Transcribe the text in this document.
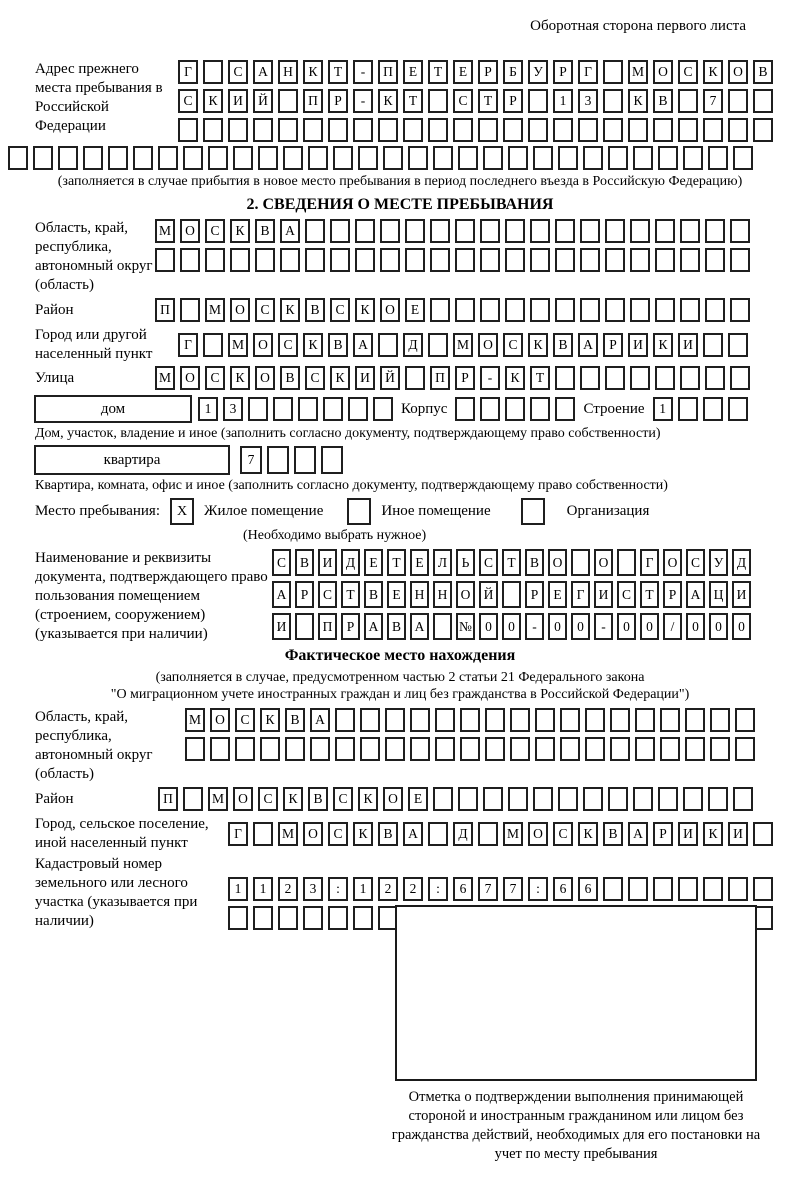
Оборотная сторона первого листа
Адрес прежнего места пребывания в Российской Федерации
Г	С	А	Н	К	Т	-	П	Е	Т	Е	Р	Б	У	Р	Г	М	О	С	К	О	В
С	К	И	Й	П	Р	-	К	Т	С	Т	Р	1	3	К	В	7
(заполняется в случае прибытия в новое место пребывания в период последнего въезда в Российскую Федерацию)
2. СВЕДЕНИЯ О МЕСТЕ ПРЕБЫВАНИЯ
Область, край, республика, автономный округ (область)
М	О	С	К	В	А
Район	П	М	О	С	К	В	С	К	О	Е
Город или другой населенный пункт
Г	М	О	С	К	В	А	Д	М	О	С	К	В	А	Р	И	К	И
Улица	М	О	С	К	О	В	С	К	И	Й	П	Р	-	К	Т
дом	1	3	Корпус	Строение	1
Дом, участок, владение и иное (заполнить согласно документу, подтверждающему право собственности)
квартира	7
Квартира, комната, офис и иное (заполнить согласно документу, подтверждающему право собственности)
Место пребывания:	X	Жилое помещение	Иное помещение	Организация
(Необходимо выбрать нужное)
Наименование и реквизиты документа, подтверждающего право пользования помещением (строением, сооружением) (указывается при наличии)
С	В	И	Д	Е	Т	Е	Л	Ь	С	Т	В	О	О	Г	О	С	У	Д
А	Р	С	Т	В	Е	Н Н О Й	Р	Е	Г	И	С	Т	Р	А Ц И
И	П	Р	А	В	А	№ 0	0	-	0	0	-	0	0	/	0	0	0
Фактическое место нахождения
(заполняется в случае, предусмотренном частью 2 статьи 21 Федерального закона
"О миграционном учете иностранных граждан и лиц без гражданства в Российской Федерации")
Область, край, республика, автономный округ (область)
М	О	С	К	В	А
Район	П	М	О	С	К	В	С	К	О	Е
Город, сельское поселение, иной населенный пункт
Г	М	О	С	К	В	А	Д	М	О	С	К	В	А	Р	И	К	И
Кадастровый номер земельного или лесного участка (указывается при наличии)
1	1	2	3	:	1	2	2	:	6	7	7	:	6	6
Отметка о подтверждении выполнения принимающей стороной и иностранным гражданином или лицом без гражданства действий, необходимых для его постановки на учет по месту пребывания
